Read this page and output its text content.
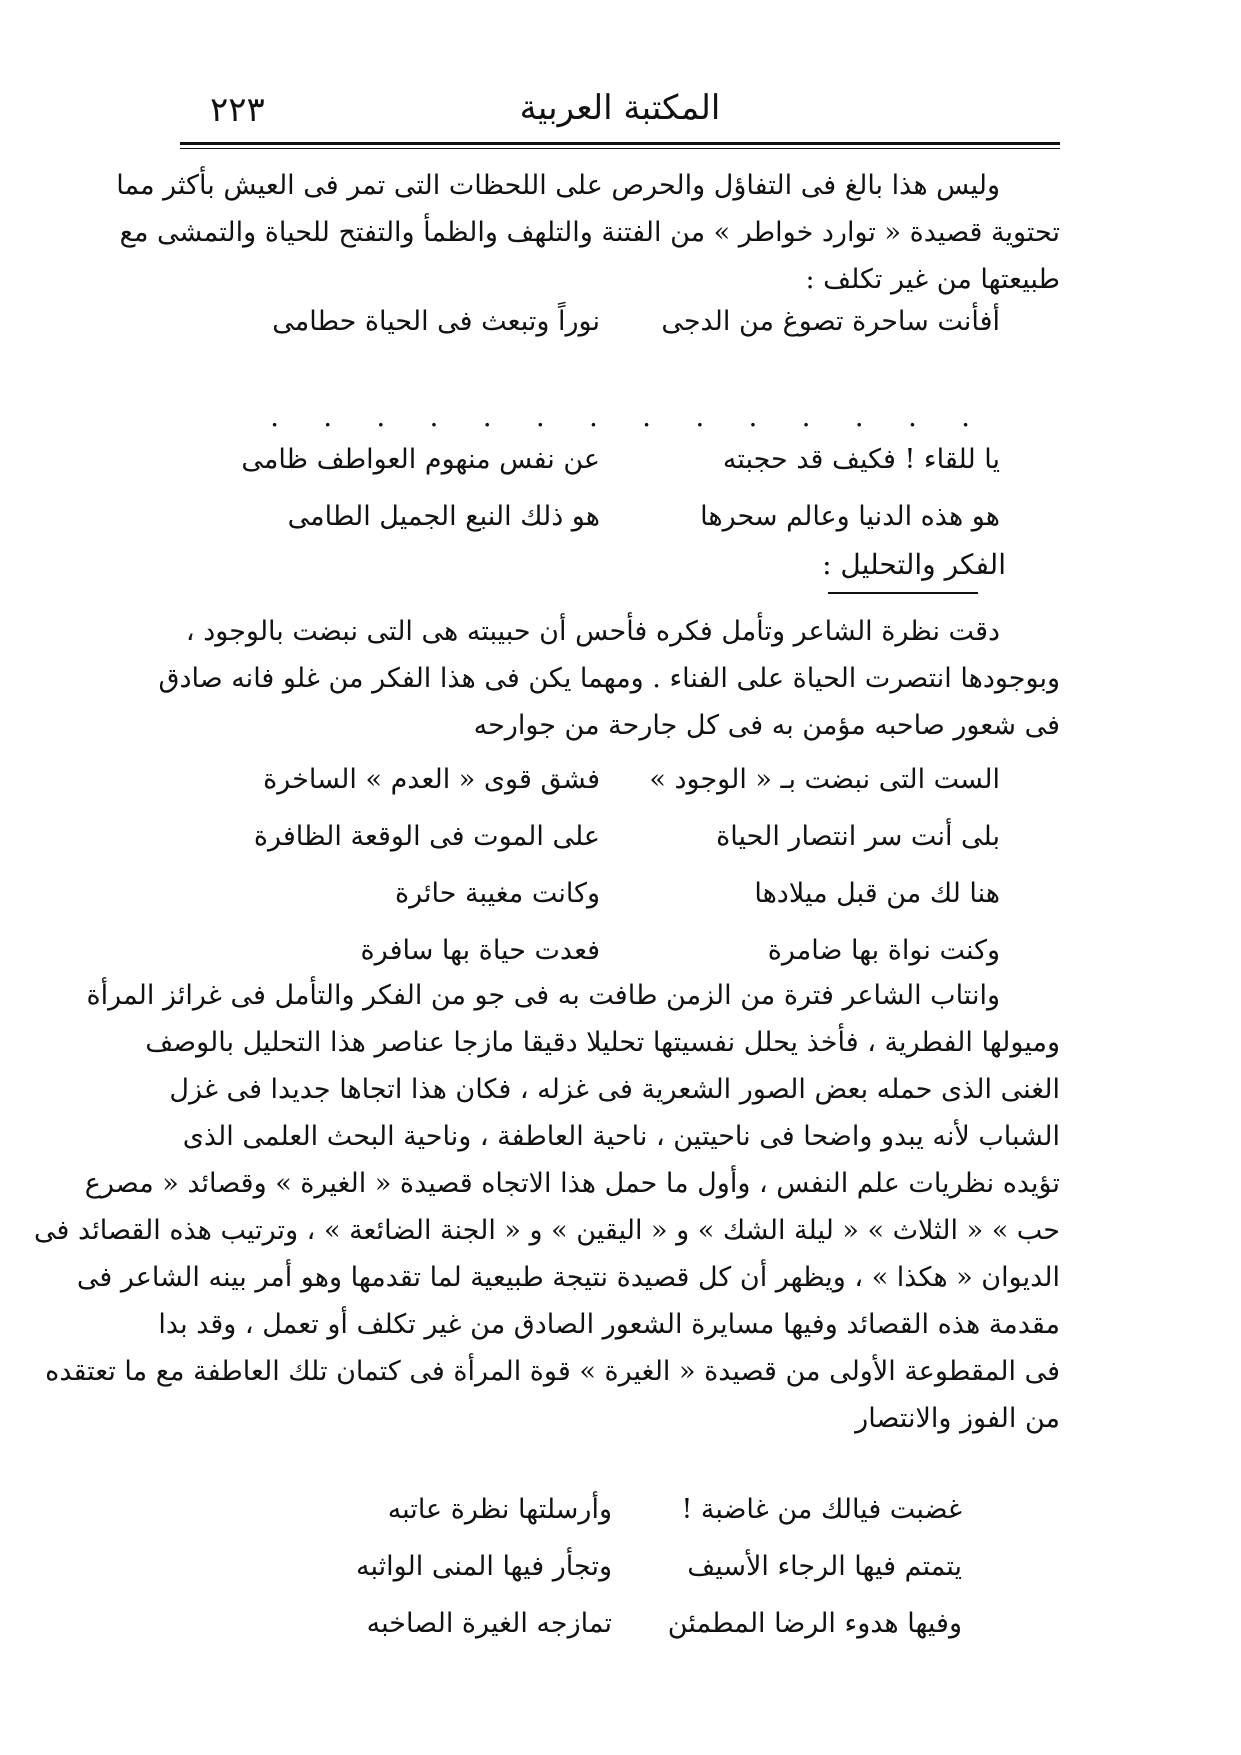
٢٢٣	المكتبة العربية
وليس هذا بالغ فى التفاؤل والحرص على اللحظات التى تمر فى العيش بأكثر مما
تحتوية قصيدة « توارد خواطر » من الفتنة والتلهف والظمأ والتفتح للحياة والتمشى مع
طبيعتها من غير تكلف :
أفأنت ساحرة تصوغ من الدجى
نوراً وتبعث فى الحياة حطامى
.
.
.
.
.
.
.
.
.
.
.
.
.
.
يا للقاء ! فكيف قد حجبته
عن نفس منهوم العواطف ظامى
هو هذه الدنيا وعالم سحرها
هو ذلك النبع الجميل الطامى
الفكر والتحليل :
دقت نظرة الشاعر وتأمل فكره فأحس أن حبيبته هى التى نبضت بالوجود ،
وبوجودها انتصرت الحياة على الفناء . ومهما يكن فى هذا الفكر من غلو فانه صادق
فى شعور صاحبه مؤمن به فى كل جارحة من جوارحه
الست التى نبضت بـ « الوجود »
فشق قوى « العدم » الساخرة
بلى أنت سر انتصار الحياة
على الموت فى الوقعة الظافرة
هنا لك من قبل ميلادها
وكانت مغيبة حائرة
وكنت نواة بها ضامرة
فعدت حياة بها سافرة
وانتاب الشاعر فترة من الزمن طافت به فى جو من الفكر والتأمل فى غرائز المرأة
وميولها الفطرية ، فأخذ يحلل نفسيتها تحليلا دقيقا مازجا عناصر هذا التحليل بالوصف
الغنى الذى حمله بعض الصور الشعرية فى غزله ، فكان هذا اتجاها جديدا فى غزل
الشباب لأنه يبدو واضحا فى ناحيتين ، ناحية العاطفة ، وناحية البحث العلمى الذى
تؤيده نظريات علم النفس ، وأول ما حمل هذا الاتجاه قصيدة « الغيرة » وقصائد « مصرع
حب » « الثلاث » « ليلة الشك » و « اليقين » و « الجنة الضائعة » ، وترتيب هذه القصائد فى
الديوان « هكذا » ، ويظهر أن كل قصيدة نتيجة طبيعية لما تقدمها وهو أمر بينه الشاعر فى
مقدمة هذه القصائد وفيها مسايرة الشعور الصادق من غير تكلف أو تعمل ، وقد بدا
فى المقطوعة الأولى من قصيدة « الغيرة » قوة المرأة فى كتمان تلك العاطفة مع ما تعتقده
من الفوز والانتصار
غضبت فيالك من غاضبة !
وأرسلتها نظرة عاتبه
يتمتم فيها الرجاء الأسيف
وتجأر فيها المنى الواثبه
وفيها هدوء الرضا المطمئن
تمازجه الغيرة الصاخبه
